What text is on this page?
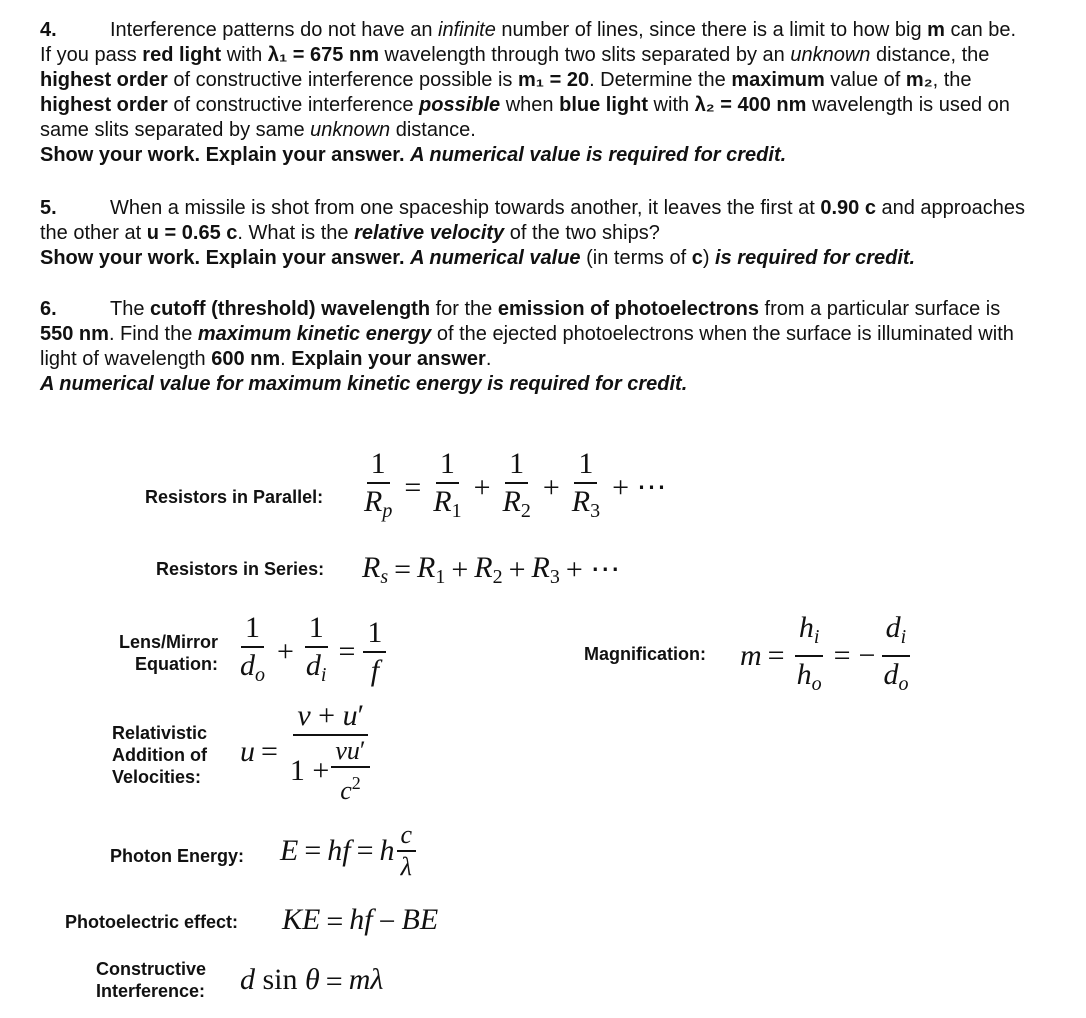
4.	Interference patterns do not have an infinite number of lines, since there is a limit to how big m can be. If you pass red light with λ₁ = 675 nm wavelength through two slits separated by an unknown distance, the highest order of constructive interference possible is m₁ = 20. Determine the maximum value of m₂, the highest order of constructive interference possible when blue light with λ₂ = 400 nm wavelength is used on same slits separated by same unknown distance.

Show your work. Explain your answer. A numerical value is required for credit.

5.	When a missile is shot from one spaceship towards another, it leaves the first at 0.90 c and approaches the other at u = 0.65 c. What is the relative velocity of the two ships?

Show your work. Explain your answer. A numerical value (in terms of c) is required for credit.

6.	The cutoff (threshold) wavelength for the emission of photoelectrons from a particular surface is 550 nm. Find the maximum kinetic energy of the ejected photoelectrons when the surface is illuminated with light of wavelength 600 nm. Explain your answer.

A numerical value for maximum kinetic energy is required for credit.

Resistors in Parallel: $\frac{1}{R_p} = \frac{1}{R_1} + \frac{1}{R_2} + \frac{1}{R_3}$ + ⋯
Resistors in Series: $R_s = R_1 + R_2 + R_3$ + ⋯
Lens/Mirror Equation: $\frac{1}{d_o} + \frac{1}{d_i} = \frac{1}{f}$	Magnification: $m = \frac{h_i}{h_o}$ = − $\frac{d_i}{d_o}$
Relativistic Addition of Velocities:
$u = \frac{v + u'}{1 + \frac{vu'}{c^2}}$
Photon Energy: E = hf = h $\frac{c}{\lambda}$
Photoelectric effect: KE = hf − BE
Constructive Interference:	d sin θ = mλ
